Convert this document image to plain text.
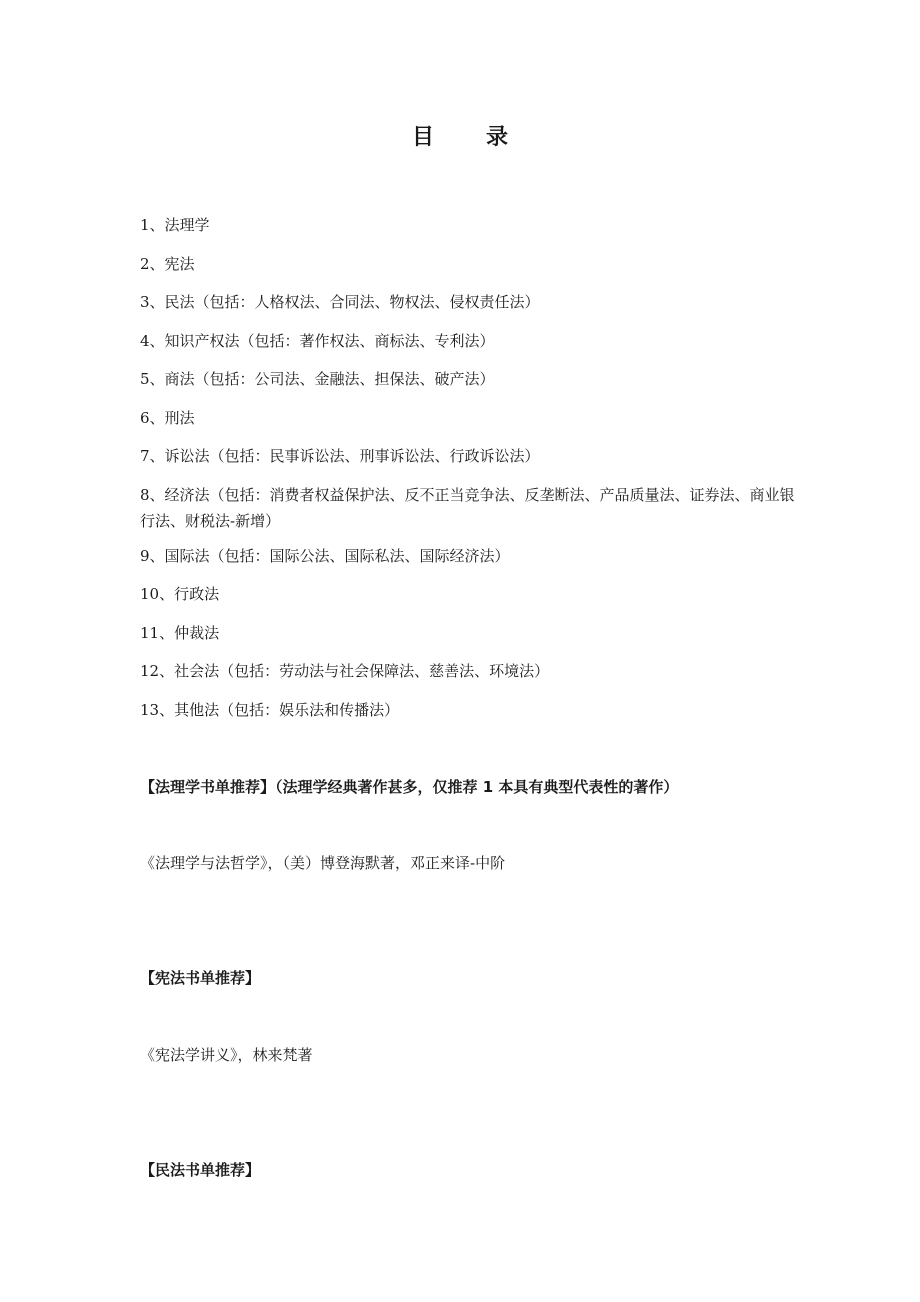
目 录
1、法理学
2、宪法
3、民法（包括：人格权法、合同法、物权法、侵权责任法）
4、知识产权法（包括：著作权法、商标法、专利法）
5、商法（包括：公司法、金融法、担保法、破产法）
6、刑法
7、诉讼法（包括：民事诉讼法、刑事诉讼法、行政诉讼法）
8、经济法（包括：消费者权益保护法、反不正当竞争法、反垄断法、产品质量法、证券法、商业银行法、财税法-新增）
9、国际法（包括：国际公法、国际私法、国际经济法）
10、行政法
11、仲裁法
12、社会法（包括：劳动法与社会保障法、慈善法、环境法）
13、其他法（包括：娱乐法和传播法）
【法理学书单推荐】（法理学经典著作甚多，仅推荐 1 本具有典型代表性的著作）
《法理学与法哲学》，（美）博登海默著，邓正来译-中阶
【宪法书单推荐】
《宪法学讲义》，林来梵著
【民法书单推荐】
